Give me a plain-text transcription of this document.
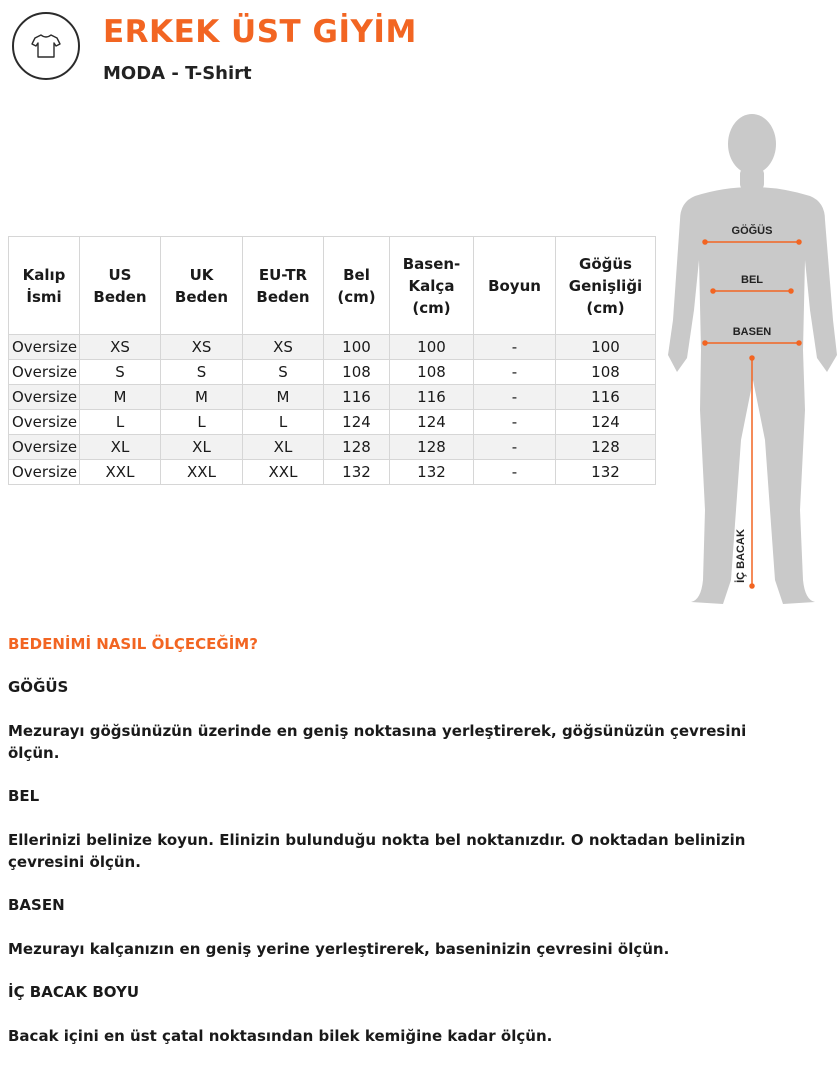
ERKEK ÜST GİYİM
MODA - T-Shirt
Kalıp İsmi	US Beden	UK Beden	EU-TR Beden	Bel (cm)	Basen-Kalça (cm)	Boyun	Göğüs Genişliği (cm)
Oversize	XS	XS	XS	100	100	-	100
Oversize	S	S	S	108	108	-	108
Oversize	M	M	M	116	116	-	116
Oversize	L	L	L	124	124	-	124
Oversize	XL	XL	XL	128	128	-	128
Oversize	XXL	XXL	XXL	132	132	-	132
GÖĞÜS
BEL
BASEN
İÇ BACAK
BEDENİMİ NASIL ÖLÇECEĞİM?
GÖĞÜS
Mezurayı göğsünüzün üzerinde en geniş noktasına yerleştirerek, göğsünüzün çevresini ölçün.
BEL
Ellerinizi belinize koyun. Elinizin bulunduğu nokta bel noktanızdır. O noktadan belinizin çevresini ölçün.
BASEN
Mezurayı kalçanızın en geniş yerine yerleştirerek, baseninizin çevresini ölçün.
İÇ BACAK BOYU
Bacak içini en üst çatal noktasından bilek kemiğine kadar ölçün.
